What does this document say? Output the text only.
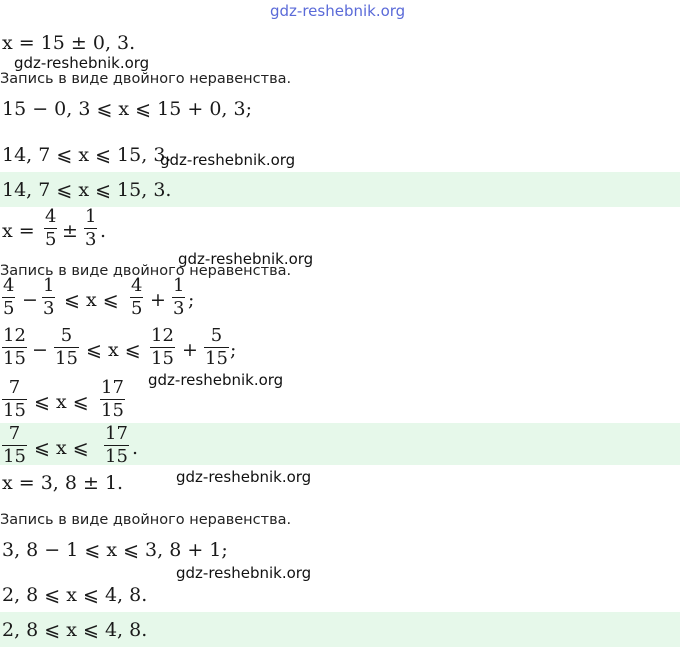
gdz-reshebnik.org
x = 15 ± 0, 3.
gdz-reshebnik.org
Запись в виде двойного неравенства.
15 − 0, 3 ⩽ x ⩽ 15 + 0, 3;
14, 7 ⩽ x ⩽ 15, 3.
gdz-reshebnik.org
14, 7 ⩽ x ⩽ 15, 3.
x =
4
5 ±
1
3 .
gdz-reshebnik.org
Запись в виде двойного неравенства.
4
5 −
1
3 ⩽ x ⩽
4
5 +
1
3 ;
12
15 −
5
15 ⩽ x ⩽
12
15 +
5
15 ;
gdz-reshebnik.org
7
15 ⩽ x ⩽
17
15
7
15 ⩽ x ⩽
17
15 .
gdz-reshebnik.org
x = 3, 8 ± 1.
Запись в виде двойного неравенства.
3, 8 − 1 ⩽ x ⩽ 3, 8 + 1;
gdz-reshebnik.org
2, 8 ⩽ x ⩽ 4, 8.
2, 8 ⩽ x ⩽ 4, 8.
